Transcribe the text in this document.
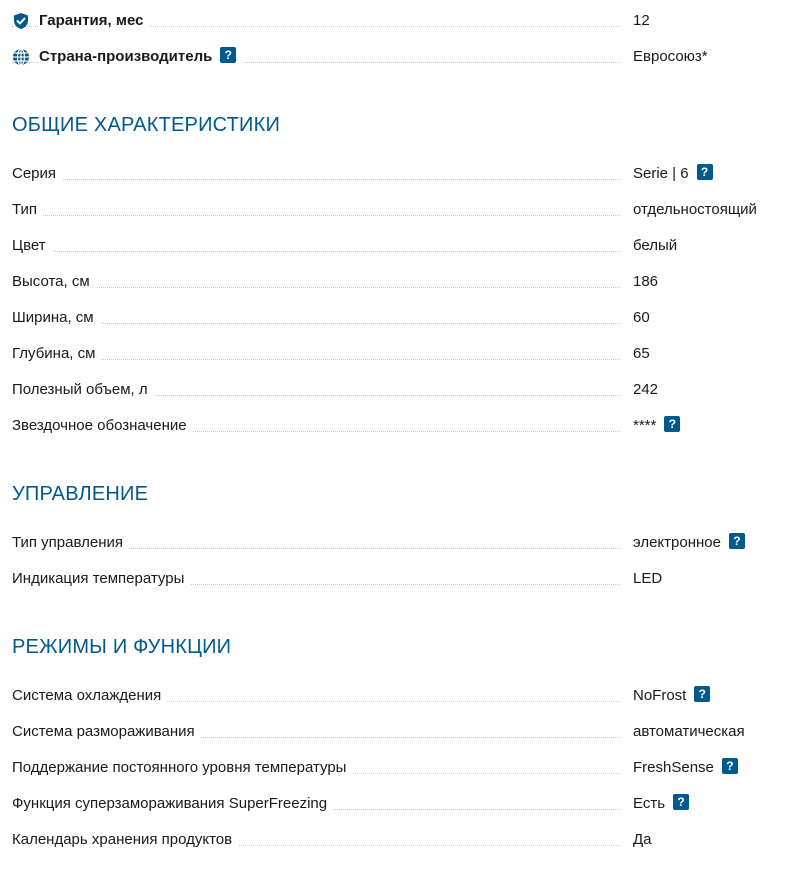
Гарантия, мес	12
Страна-производитель ?	Евросоюз*
ОБЩИЕ ХАРАКТЕРИСТИКИ
Серия	Serie | 6 ?
Тип	отдельностоящий
Цвет	белый
Высота, см	186
Ширина, см	60
Глубина, см	65
Полезный объем, л	242
Звездочное обозначение	**** ?
УПРАВЛЕНИЕ
Тип управления	электронное ?
Индикация температуры	LED
РЕЖИМЫ И ФУНКЦИИ
Система охлаждения	NoFrost ?
Система размораживания	автоматическая
Поддержание постоянного уровня температуры	FreshSense ?
Функция суперзамораживания SuperFreezing	Есть ?
Календарь хранения продуктов	Да
